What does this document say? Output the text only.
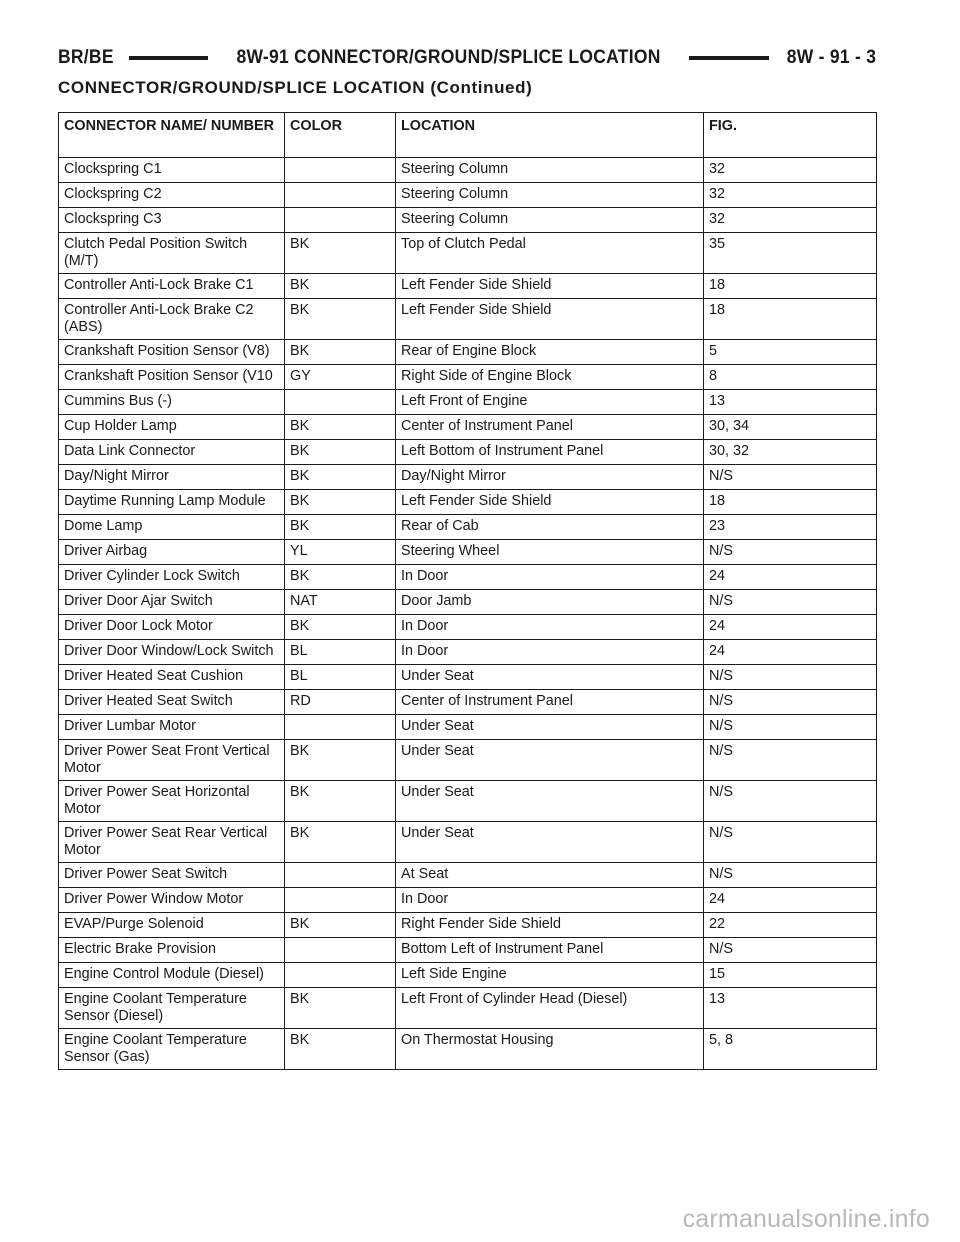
BR/BE	8W-91 CONNECTOR/GROUND/SPLICE LOCATION	8W - 91 - 3
CONNECTOR/GROUND/SPLICE LOCATION (Continued)
CONNECTOR NAME/ NUMBER	COLOR	LOCATION	FIG.
Clockspring C1		Steering Column	32
Clockspring C2		Steering Column	32
Clockspring C3		Steering Column	32
Clutch Pedal Position Switch (M/T)	BK	Top of Clutch Pedal	35
Controller Anti-Lock Brake C1	BK	Left Fender Side Shield	18
Controller Anti-Lock Brake C2 (ABS)	BK	Left Fender Side Shield	18
Crankshaft Position Sensor (V8)	BK	Rear of Engine Block	5
Crankshaft Position Sensor (V10	GY	Right Side of Engine Block	8
Cummins Bus (-)		Left Front of Engine	13
Cup Holder Lamp	BK	Center of Instrument Panel	30, 34
Data Link Connector	BK	Left Bottom of Instrument Panel	30, 32
Day/Night Mirror	BK	Day/Night Mirror	N/S
Daytime Running Lamp Module	BK	Left Fender Side Shield	18
Dome Lamp	BK	Rear of Cab	23
Driver Airbag	YL	Steering Wheel	N/S
Driver Cylinder Lock Switch	BK	In Door	24
Driver Door Ajar Switch	NAT	Door Jamb	N/S
Driver Door Lock Motor	BK	In Door	24
Driver Door Window/Lock Switch	BL	In Door	24
Driver Heated Seat Cushion	BL	Under Seat	N/S
Driver Heated Seat Switch	RD	Center of Instrument Panel	N/S
Driver Lumbar Motor		Under Seat	N/S
Driver Power Seat Front Vertical Motor	BK	Under Seat	N/S
Driver Power Seat Horizontal Motor	BK	Under Seat	N/S
Driver Power Seat Rear Vertical Motor	BK	Under Seat	N/S
Driver Power Seat Switch		At Seat	N/S
Driver Power Window Motor		In Door	24
EVAP/Purge Solenoid	BK	Right Fender Side Shield	22
Electric Brake Provision		Bottom Left of Instrument Panel	N/S
Engine Control Module (Diesel)		Left Side Engine	15
Engine Coolant Temperature Sensor (Diesel)	BK	Left Front of Cylinder Head (Diesel)	13
Engine Coolant Temperature Sensor (Gas)	BK	On Thermostat Housing	5, 8
carmanualsonline.info
